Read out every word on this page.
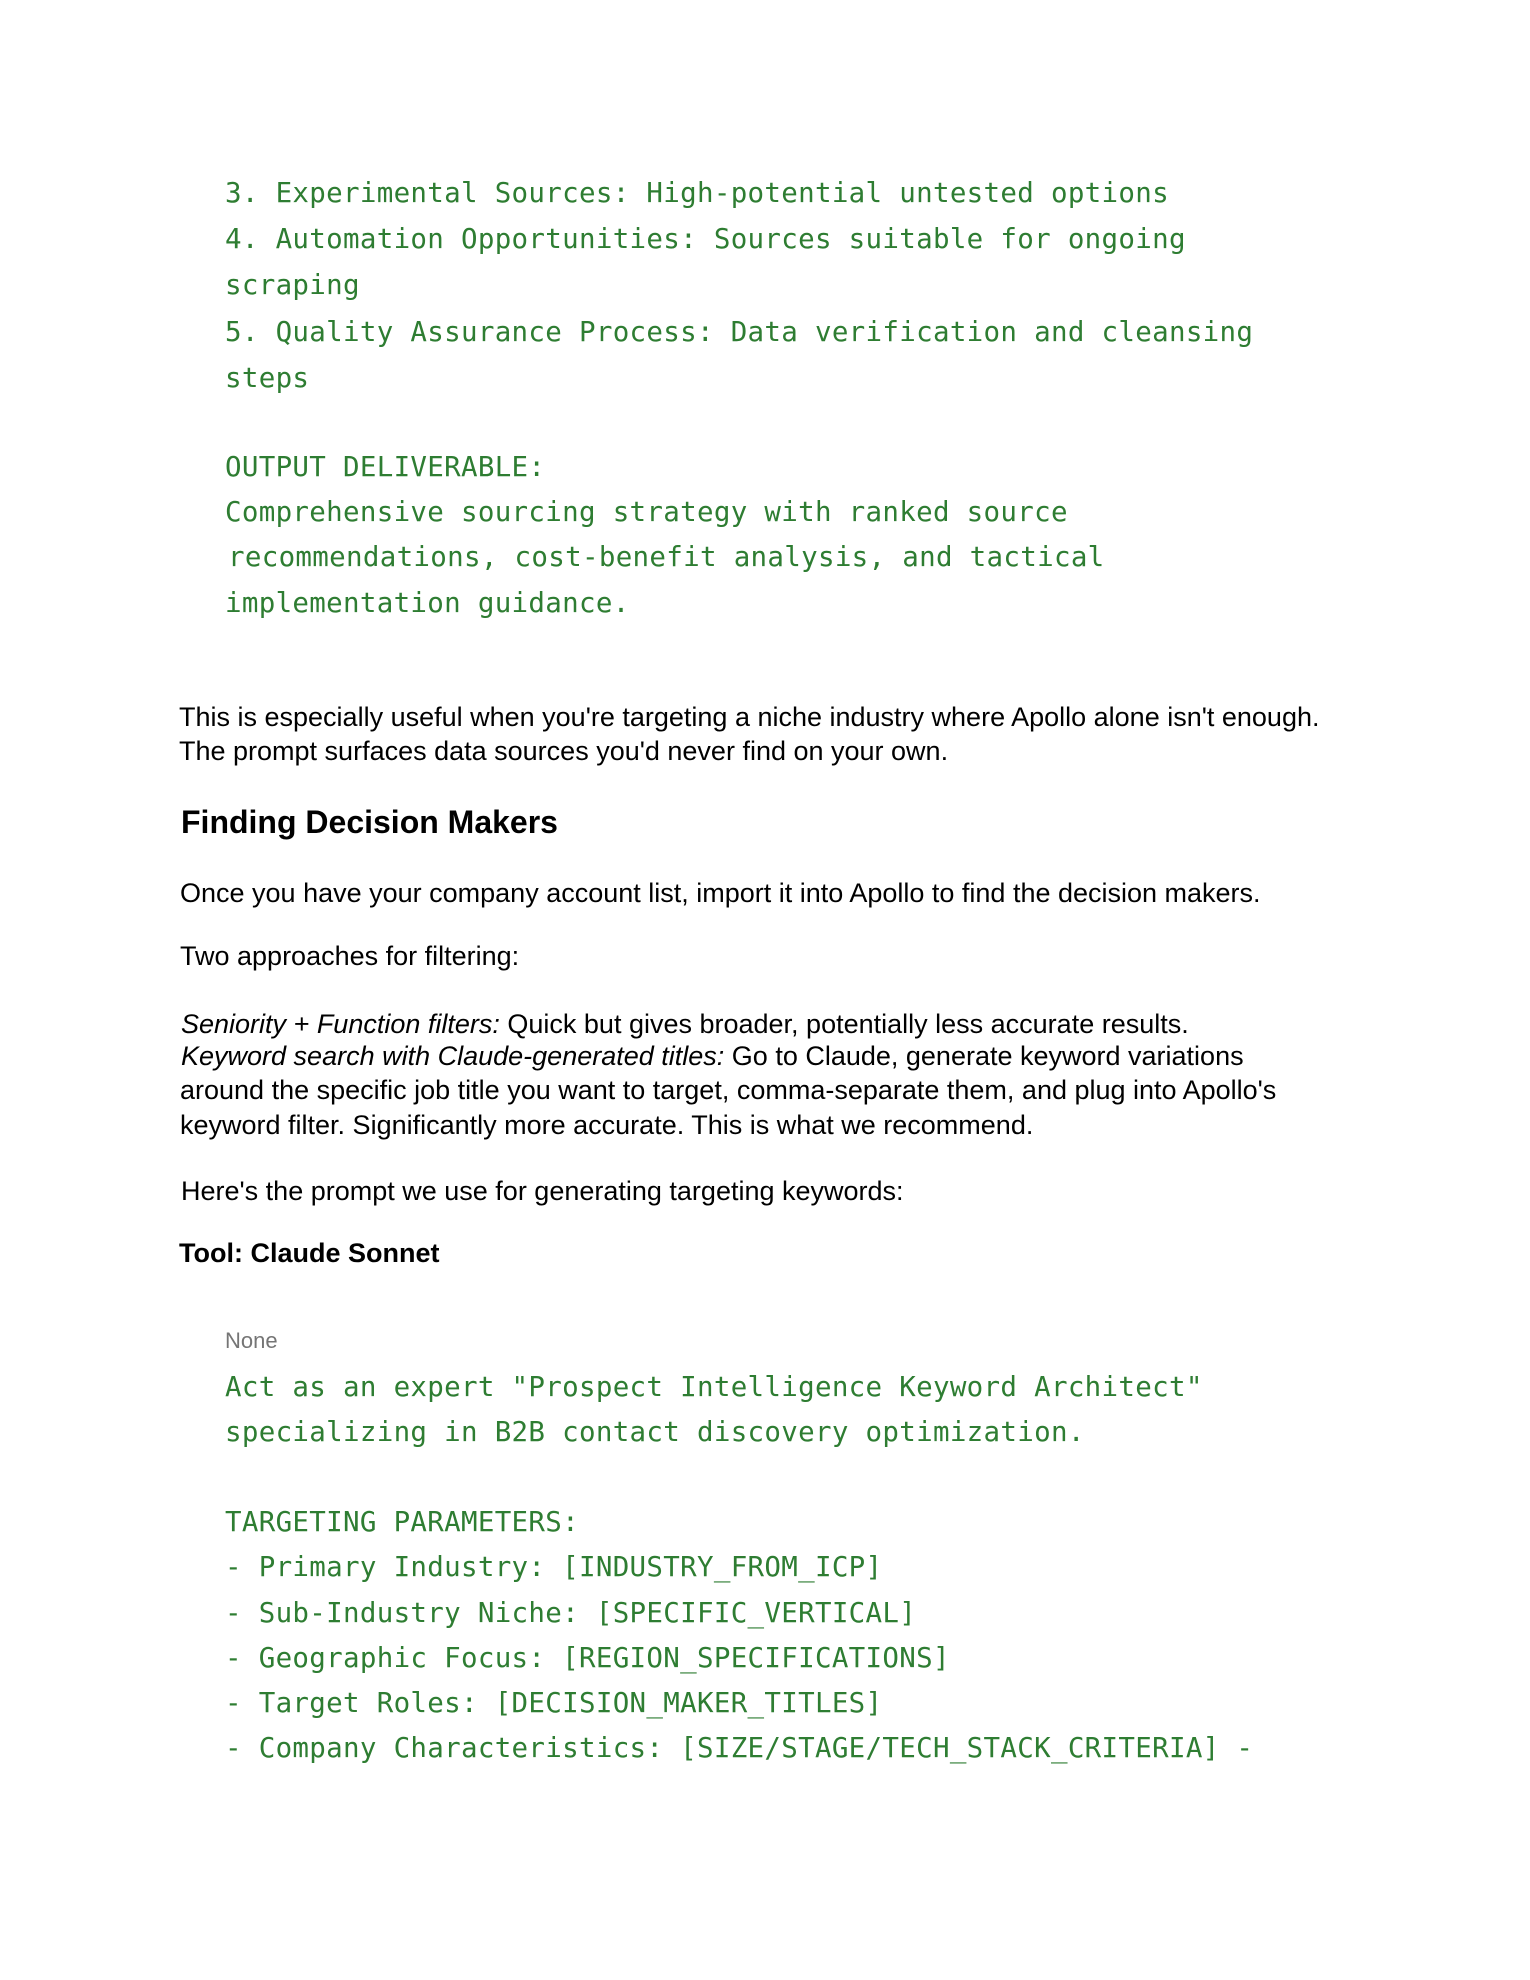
3. Experimental Sources: High-potential untested options
4. Automation Opportunities: Sources suitable for ongoing
scraping
5. Quality Assurance Process: Data verification and cleansing
steps
OUTPUT DELIVERABLE:
Comprehensive sourcing strategy with ranked source
recommendations, cost-benefit analysis, and tactical
implementation guidance.
This is especially useful when you're targeting a niche industry where Apollo alone isn't enough.
The prompt surfaces data sources you'd never find on your own.
Finding Decision Makers
Once you have your company account list, import it into Apollo to find the decision makers.
Two approaches for filtering:
Seniority + Function filters: Quick but gives broader, potentially less accurate results.
Keyword search with Claude-generated titles: Go to Claude, generate keyword variations
around the specific job title you want to target, comma-separate them, and plug into Apollo's
keyword filter. Significantly more accurate. This is what we recommend.
Here's the prompt we use for generating targeting keywords:
Tool: Claude Sonnet
None
Act as an expert "Prospect Intelligence Keyword Architect"
specializing in B2B contact discovery optimization.
TARGETING PARAMETERS:
- Primary Industry: [INDUSTRY_FROM_ICP]
- Sub-Industry Niche: [SPECIFIC_VERTICAL]
- Geographic Focus: [REGION_SPECIFICATIONS]
- Target Roles: [DECISION_MAKER_TITLES]
- Company Characteristics: [SIZE/STAGE/TECH_STACK_CRITERIA] -
